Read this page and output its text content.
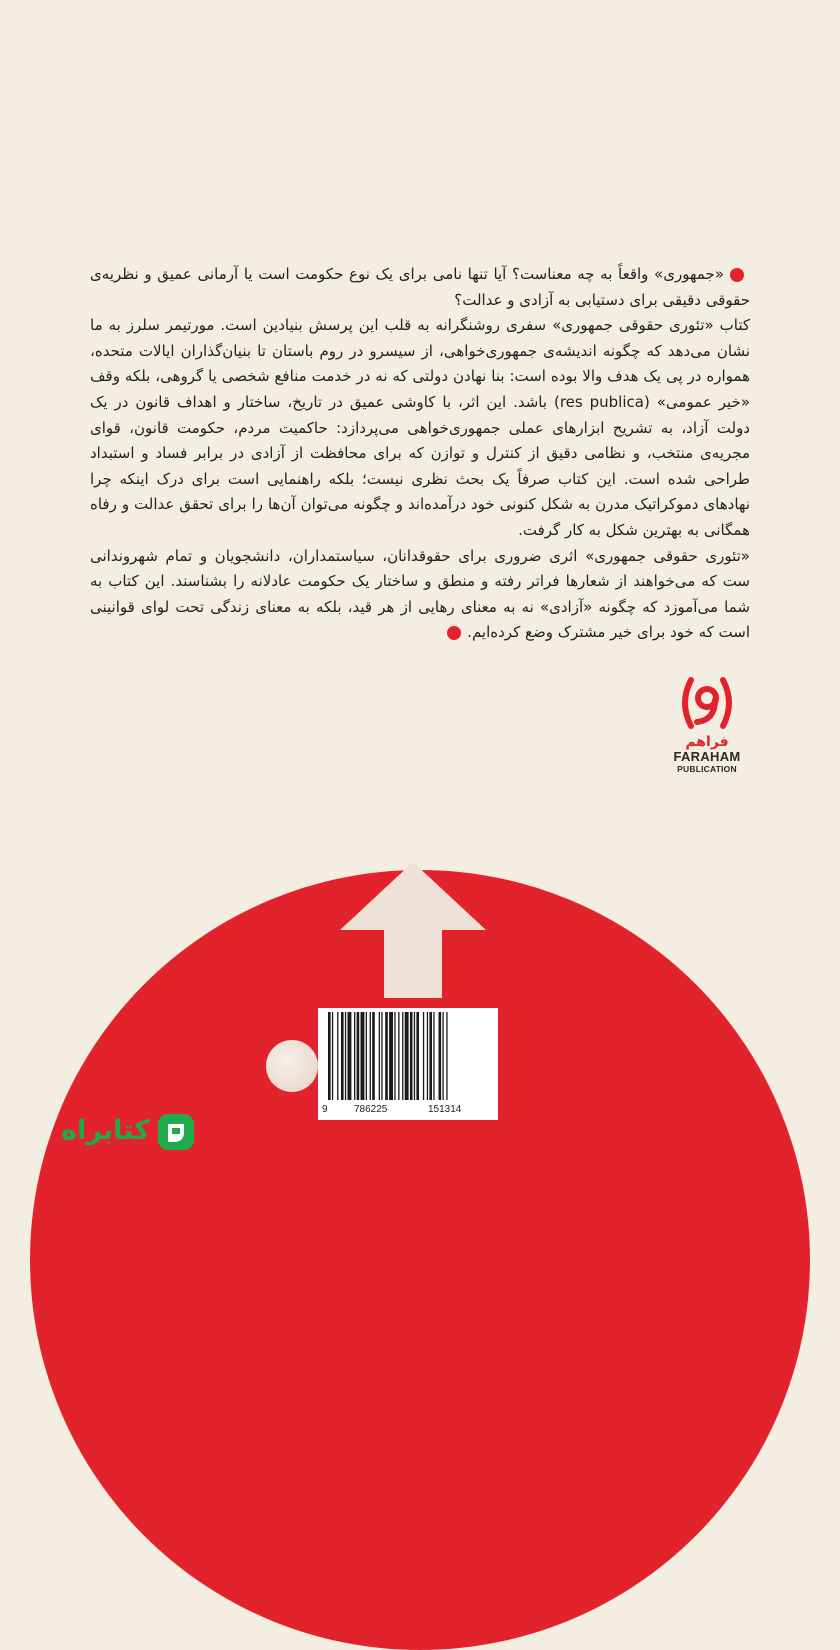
«جمهوری» واقعاً به چه معناست؟ آیا تنها نامی برای یک نوع حکومت است یا آرمانی عمیق و نظریه‌ی حقوقی دقیقی برای دستیابی به آزادی و عدالت؟

کتاب «تئوری حقوقی جمهوری» سفری روشنگرانه به قلب این پرسش بنیادین است. مورتیمر سلرز به ما نشان می‌دهد که چگونه اندیشه‌ی جمهوری‌خواهی، از سیسرو در روم باستان تا بنیان‌گذاران ایالات متحده، همواره در پی یک هدف والا بوده است: بنا نهادن دولتی که نه در خدمت منافع شخصی یا گروهی، بلکه وقف «خیر عمومی» (res publica) باشد. این اثر، با کاوشی عمیق در تاریخ، ساختار و اهداف قانون در یک دولت آزاد، به تشریح ابزارهای عملی جمهوری‌خواهی می‌پردازد: حاکمیت مردم، حکومت قانون، قوای مجریه‌ی منتخب، و نظامی دقیق از کنترل و توازن که برای محافظت از آزادی در برابر فساد و استبداد طراحی شده است. این کتاب صرفاً یک بحث نظری نیست؛ بلکه راهنمایی است برای درک اینکه چرا نهادهای دموکراتیک مدرن به شکل کنونی خود درآمده‌اند و چگونه می‌توان آن‌ها را برای تحقق عدالت و رفاه همگانی به بهترین شکل به کار گرفت.

«تئوری حقوقی جمهوری» اثری ضروری برای حقوقدانان، سیاستمداران، دانشجویان و تمام شهروندانی ست که می‌خواهند از شعارها فراتر رفته و منطق و ساختار یک حکومت عادلانه را بشناسند. این کتاب به شما می‌آموزد که چگونه «آزادی» نه به معنای رهایی از هر قید، بلکه به معنای زندگی تحت لوای قوانینی است که خود برای خیر مشترک وضع کرده‌ایم.

فراهم
FARAHAM
PUBLICATION
9	786225	151314
کتابراه
